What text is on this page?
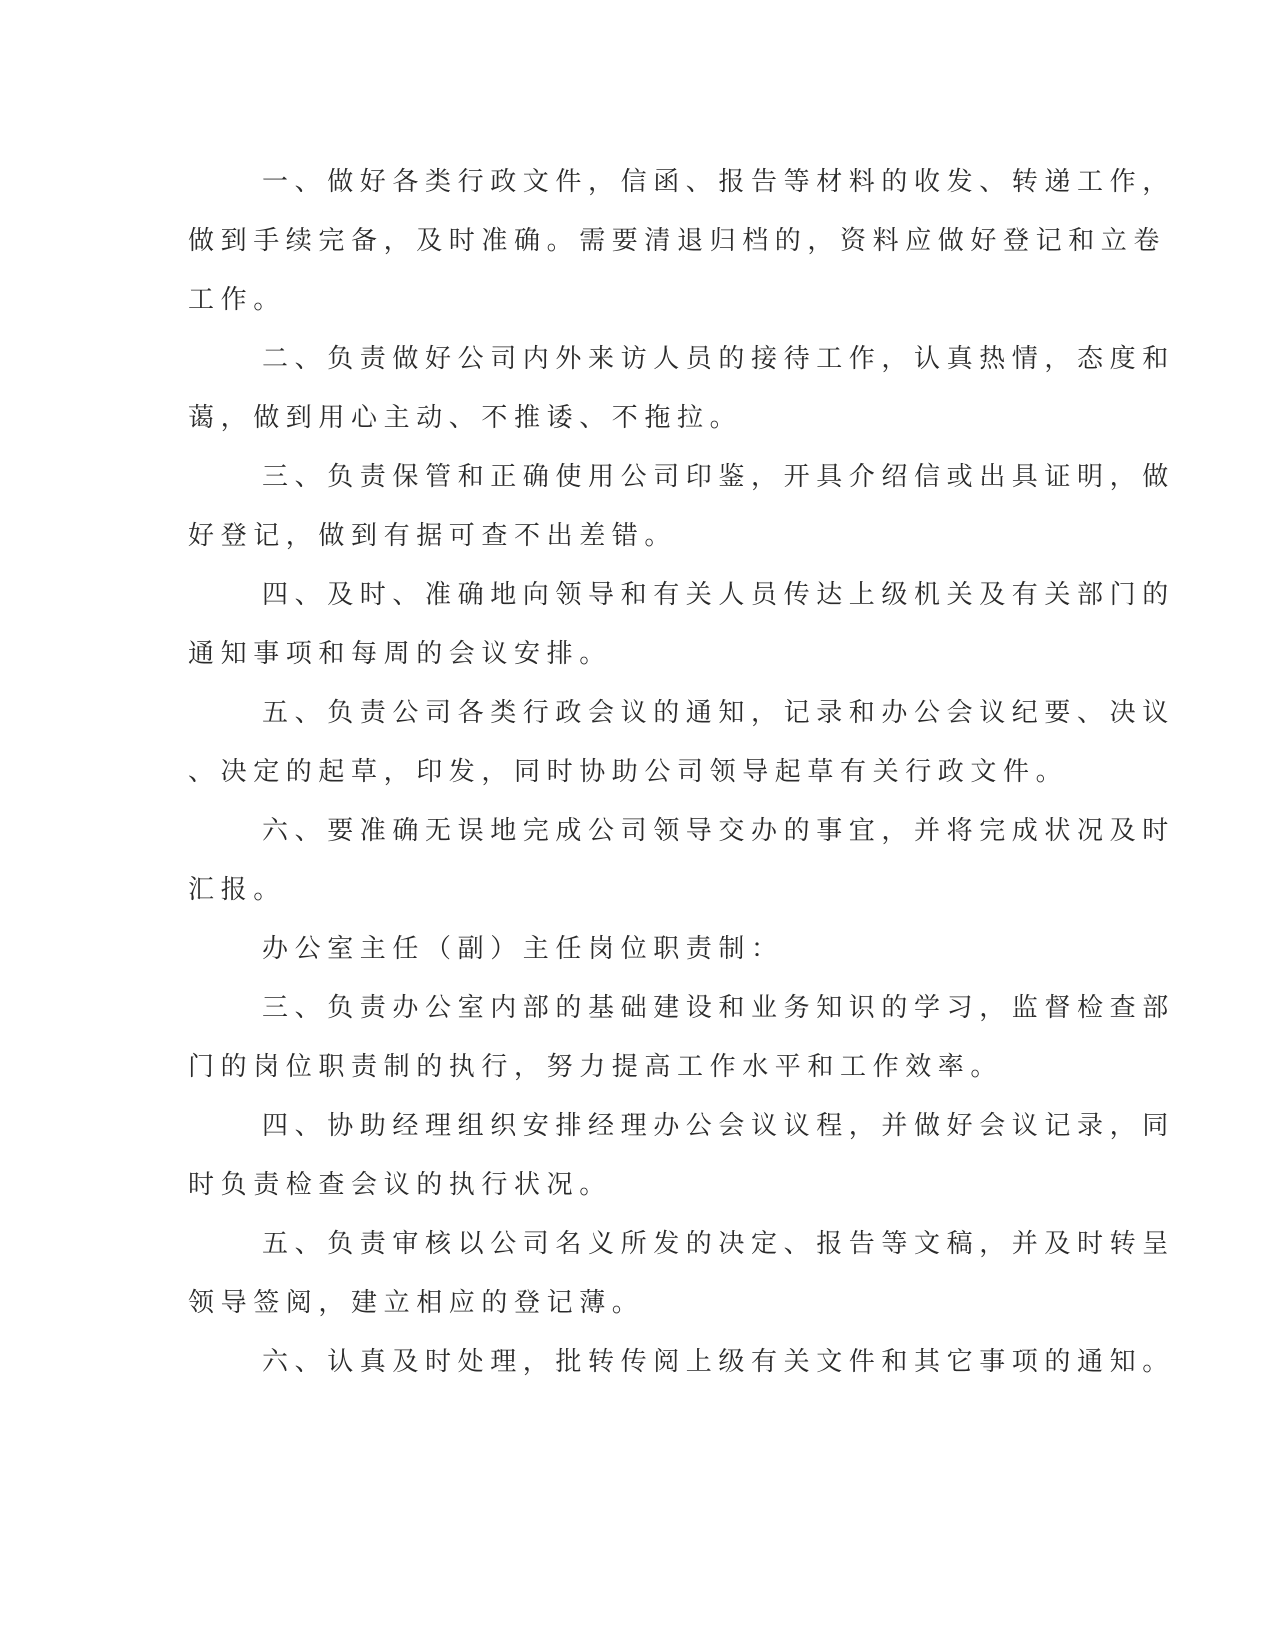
一、做好各类行政文件，信函、报告等材料的收发、转递工作，

做到手续完备，及时准确。需要清退归档的，资料应做好登记和立卷

工作。

二、负责做好公司内外来访人员的接待工作，认真热情，态度和

蔼，做到用心主动、不推诿、不拖拉。

三、负责保管和正确使用公司印鉴，开具介绍信或出具证明，做

好登记，做到有据可查不出差错。

四、及时、准确地向领导和有关人员传达上级机关及有关部门的

通知事项和每周的会议安排。

五、负责公司各类行政会议的通知，记录和办公会议纪要、决议

、决定的起草，印发，同时协助公司领导起草有关行政文件。

六、要准确无误地完成公司领导交办的事宜，并将完成状况及时

汇报。

办公室主任（副）主任岗位职责制：

三、负责办公室内部的基础建设和业务知识的学习，监督检查部

门的岗位职责制的执行，努力提高工作水平和工作效率。

四、协助经理组织安排经理办公会议议程，并做好会议记录，同

时负责检查会议的执行状况。

五、负责审核以公司名义所发的决定、报告等文稿，并及时转呈

领导签阅，建立相应的登记薄。

六、认真及时处理，批转传阅上级有关文件和其它事项的通知。
